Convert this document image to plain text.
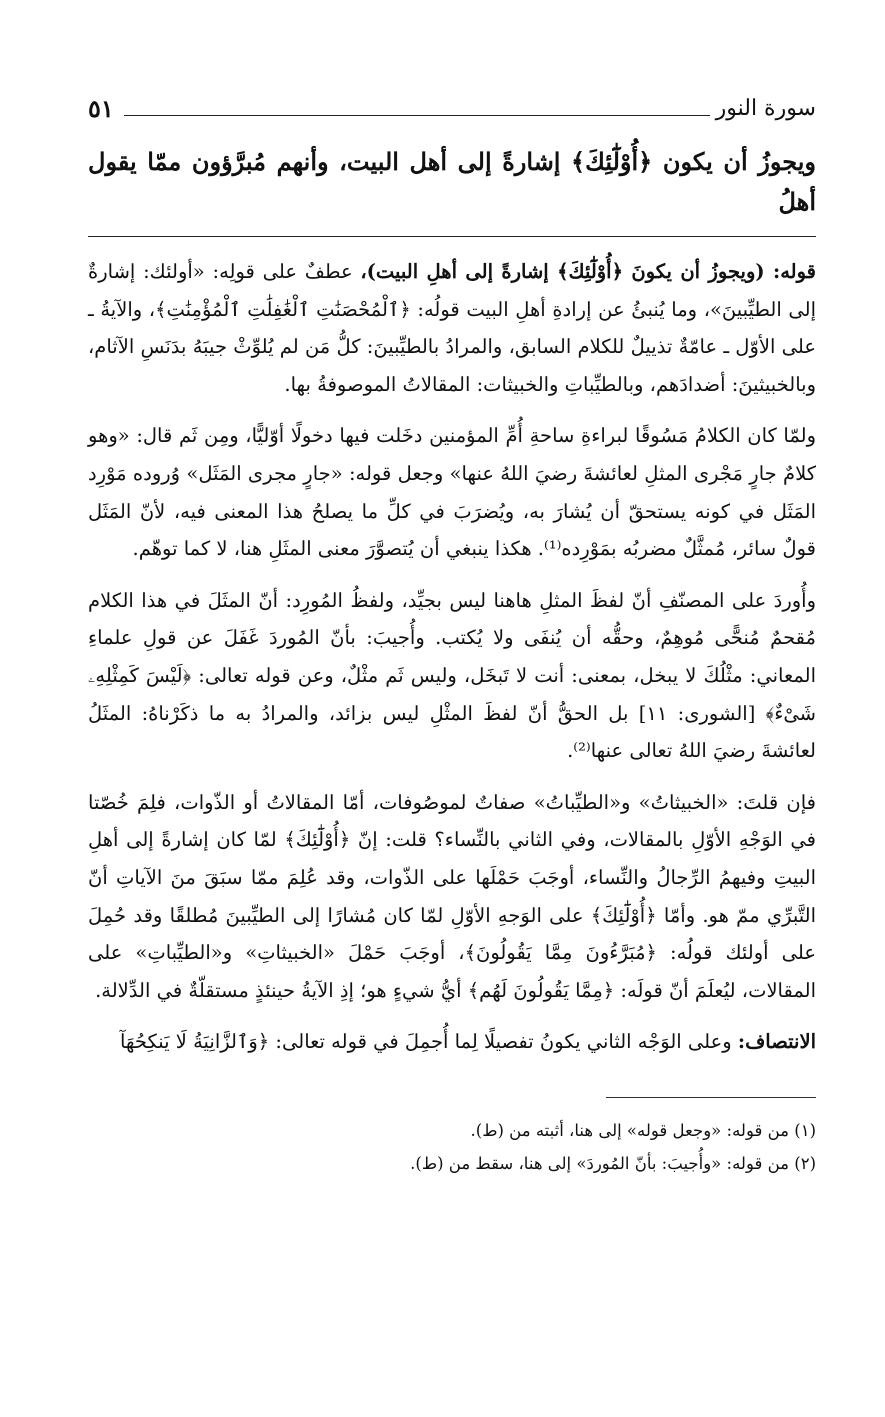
سورة النور
٥١
ويجوزُ أن يكون ﴿أُوْلَٰٓئِكَ﴾ إشارةً إلى أهل البيت، وأنهم مُبرَّؤون ممّا يقول أهلُ

قوله: (ويجوزُ أن يكونَ ﴿أُوْلَٰٓئِكَ﴾ إشارةً إلى أهلِ البيت)، عطفٌ على قولِه: «أولئك: إشارةٌ إلى الطيِّبينَ»، وما يُنبئُ عن إرادةِ أهلِ البيت قولُه: ﴿ٱلْمُحْصَنَٰتِ ٱلْغَٰفِلَٰتِ ٱلْمُؤْمِنَٰتِ﴾، والآيةُ ـ على الأوّل ـ عامّةٌ تذييلٌ للكلام السابق، والمرادُ بالطيِّبينَ: كلُّ مَن لم يُلوِّثْ جيبَهُ بدَنَسِ الآثام، وبالخبيثينَ: أضدادَهم، وبالطيِّباتِ والخبيثات: المقالاتُ الموصوفةُ بها.

ولمّا كان الكلامُ مَسُوقًا لبراءةِ ساحةِ أُمِّ المؤمنين دخَلت فيها دخولًا أوّليًّا، ومِن ثَم قال: «وهو كلامٌ جارٍ مَجْرى المثلِ لعائشةَ رضيَ اللهُ عنها» وجعل قوله: «جارٍ مجرى المَثَل» وُروده مَوْرِد المَثَل في كونه يستحقّ أن يُشارَ به، ويُضرَبَ في كلِّ ما يصلحُ هذا المعنى فيه، لأنّ المَثَل قولٌ سائر، مُمثَّلٌ مضربُه بمَوْرِده⁽¹⁾. هكذا ينبغي أن يُتصوَّرَ معنى المثَلِ هنا، لا كما توهّم.

وأُوردَ على المصنّفِ أنّ لفظَ المثلِ هاهنا ليس بجيِّد، ولفظُ المُورِد: أنّ المثَلَ في هذا الكلام مُقحمٌ مُنحًّى مُوهِمٌ، وحقُّه أن يُنفَى ولا يُكتب. وأُجيبَ: بأنّ المُوردَ غَفَلَ عن قولِ علماءِ المعاني: مثْلُكَ لا يبخل، بمعنى: أنت لا تَبخَل، وليس ثَم مثْلٌ، وعن قوله تعالى: ﴿لَيْسَ كَمِثْلِهِۦ شَىْءٌ﴾ [الشورى: ١١] بل الحقُّ أنّ لفظَ المثْلِ ليس بزائد، والمرادُ به ما ذكَرْناهُ: المثَلُ لعائشةَ رضيَ اللهُ تعالى عنها⁽²⁾.

فإن قلتَ: «الخبيثاتُ» و«الطيِّباتُ» صفاتٌ لموصُوفات، أمّا المقالاتُ أو الذّوات، فلِمَ خُصّتا في الوَجْهِ الأوّلِ بالمقالات، وفي الثاني بالنِّساء؟ قلت: إنّ ﴿أُوْلَٰٓئِكَ﴾ لمّا كان إشارةً إلى أهلِ البيتِ وفيهمُ الرِّجالُ والنِّساء، أوجَبَ حَمْلَها على الذّوات، وقد عُلِمَ ممّا سبَقَ منَ الآياتِ أنّ التَّبرِّي ممّ هو. وأمّا ﴿أُوْلَٰٓئِكَ﴾ على الوَجهِ الأوّلِ لمّا كان مُشارًا إلى الطيِّبينَ مُطلقًا وقد حُمِلَ على أولئك قولُه: ﴿مُبَرَّءُونَ مِمَّا يَقُولُونَ﴾، أوجَبَ حَمْلَ «الخبيثاتِ» و«الطيِّباتِ» على المقالات، ليُعلَمَ أنّ قولَه: ﴿مِمَّا يَقُولُونَ لَهُم﴾ أيُّ شيءٍ هو؛ إذِ الآيةُ حينئذٍ مستقلّةٌ في الدِّلالة.

الانتصاف: وعلى الوَجْه الثاني يكونُ تفصيلًا لِما أُجمِلَ في قوله تعالى: ﴿وَٱلزَّانِيَةُ لَا يَنكِحُهَآ

(١) من قوله: «وجعل قوله» إلى هنا، أثبته من (ط).
(٢) من قوله: «وأُجيبَ: بأنّ المُوردَ» إلى هنا، سقط من (ط).
